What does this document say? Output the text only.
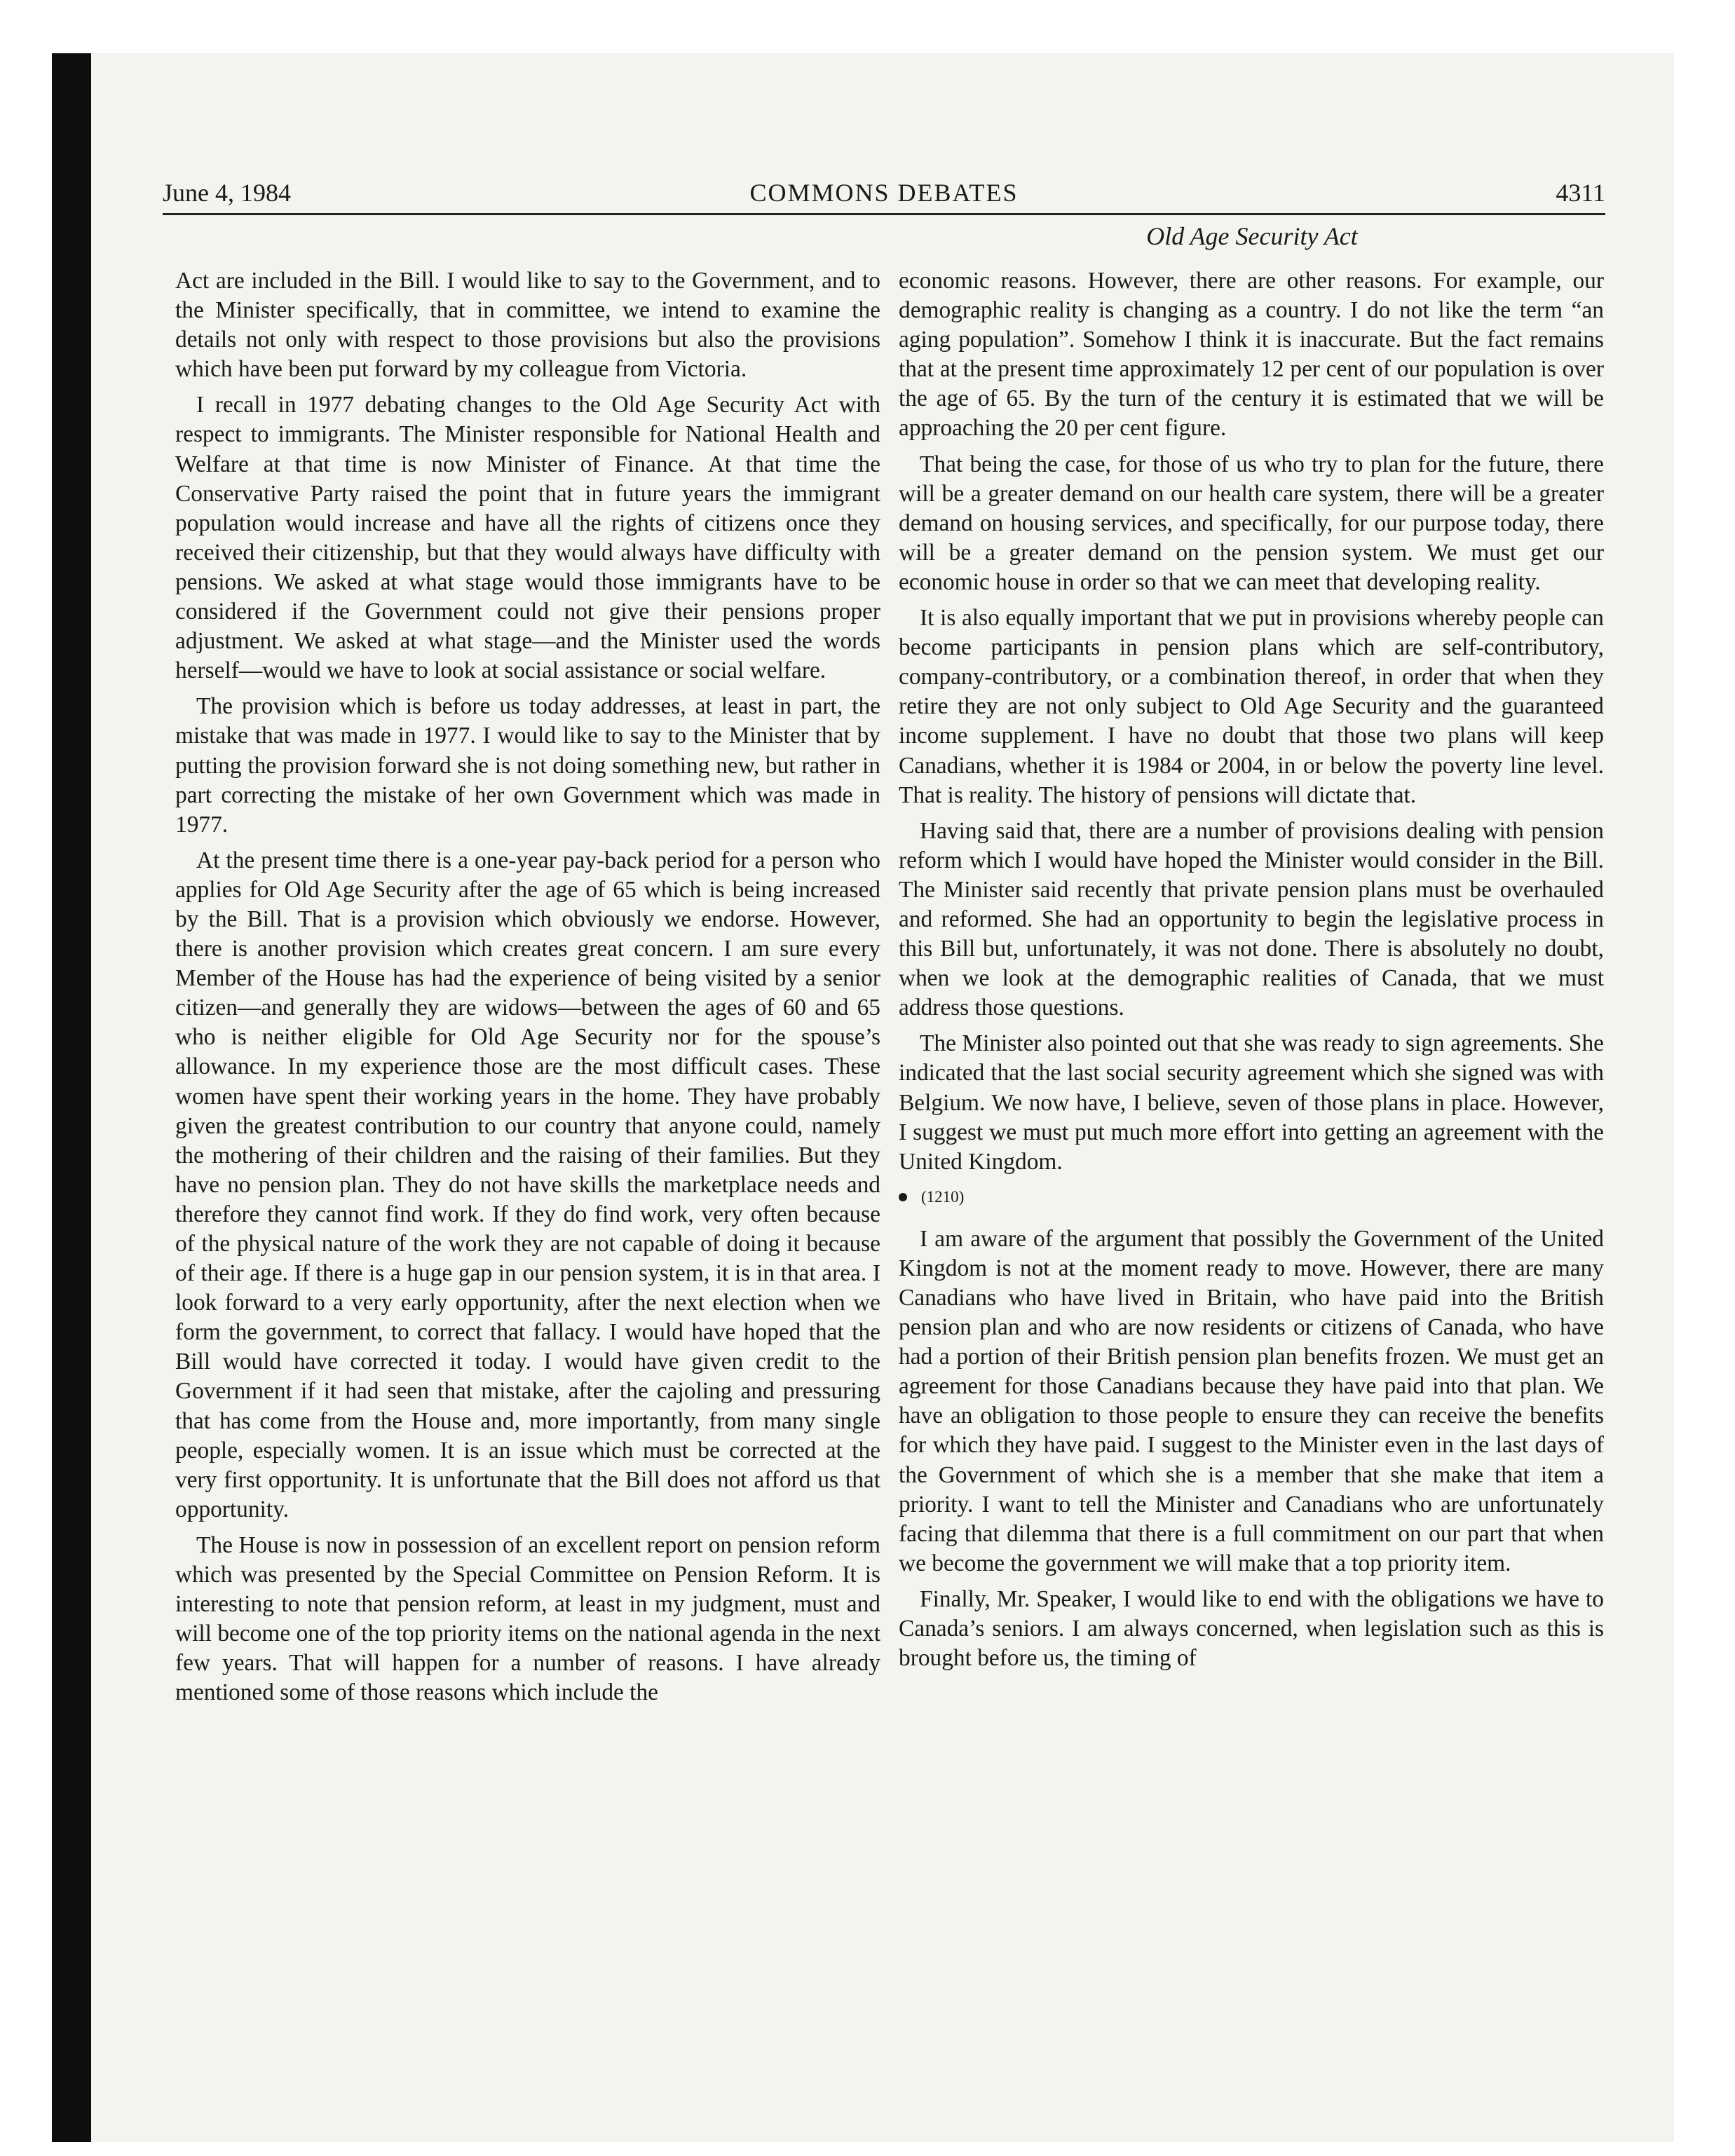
June 4, 1984	COMMONS DEBATES	4311
Old Age Security Act

Act are included in the Bill. I would like to say to the Government, and to the Minister specifically, that in committee, we intend to examine the details not only with respect to those provisions but also the provisions which have been put forward by my colleague from Victoria.

I recall in 1977 debating changes to the Old Age Security Act with respect to immigrants. The Minister responsible for National Health and Welfare at that time is now Minister of Finance. At that time the Conservative Party raised the point that in future years the immigrant population would increase and have all the rights of citizens once they received their citizenship, but that they would always have difficulty with pensions. We asked at what stage would those immigrants have to be considered if the Government could not give their pensions proper adjustment. We asked at what stage—and the Minister used the words herself—would we have to look at social assistance or social welfare.

The provision which is before us today addresses, at least in part, the mistake that was made in 1977. I would like to say to the Minister that by putting the provision forward she is not doing something new, but rather in part correcting the mistake of her own Government which was made in 1977.

At the present time there is a one-year pay-back period for a person who applies for Old Age Security after the age of 65 which is being increased by the Bill. That is a provision which obviously we endorse. However, there is another provision which creates great concern. I am sure every Member of the House has had the experience of being visited by a senior citizen—and generally they are widows—between the ages of 60 and 65 who is neither eligible for Old Age Security nor for the spouse’s allowance. In my experience those are the most difficult cases. These women have spent their working years in the home. They have probably given the greatest contribution to our country that anyone could, namely the mothering of their children and the raising of their families. But they have no pension plan. They do not have skills the marketplace needs and therefore they cannot find work. If they do find work, very often because of the physical nature of the work they are not capable of doing it because of their age. If there is a huge gap in our pension system, it is in that area. I look forward to a very early opportunity, after the next election when we form the government, to correct that fallacy. I would have hoped that the Bill would have corrected it today. I would have given credit to the Government if it had seen that mistake, after the cajoling and pressuring that has come from the House and, more importantly, from many single people, especially women. It is an issue which must be corrected at the very first opportunity. It is unfortunate that the Bill does not afford us that opportunity.

The House is now in possession of an excellent report on pension reform which was presented by the Special Committee on Pension Reform. It is interesting to note that pension reform, at least in my judgment, must and will become one of the top priority items on the national agenda in the next few years. That will happen for a number of reasons. I have already mentioned some of those reasons which include the

economic reasons. However, there are other reasons. For example, our demographic reality is changing as a country. I do not like the term “an aging population”. Somehow I think it is inaccurate. But the fact remains that at the present time approximately 12 per cent of our population is over the age of 65. By the turn of the century it is estimated that we will be approaching the 20 per cent figure.

That being the case, for those of us who try to plan for the future, there will be a greater demand on our health care system, there will be a greater demand on housing services, and specifically, for our purpose today, there will be a greater demand on the pension system. We must get our economic house in order so that we can meet that developing reality.

It is also equally important that we put in provisions whereby people can become participants in pension plans which are self-contributory, company-contributory, or a combination thereof, in order that when they retire they are not only subject to Old Age Security and the guaranteed income supplement. I have no doubt that those two plans will keep Canadians, whether it is 1984 or 2004, in or below the poverty line level. That is reality. The history of pensions will dictate that.

Having said that, there are a number of provisions dealing with pension reform which I would have hoped the Minister would consider in the Bill. The Minister said recently that private pension plans must be overhauled and reformed. She had an opportunity to begin the legislative process in this Bill but, unfortunately, it was not done. There is absolutely no doubt, when we look at the demographic realities of Canada, that we must address those questions.

The Minister also pointed out that she was ready to sign agreements. She indicated that the last social security agreement which she signed was with Belgium. We now have, I believe, seven of those plans in place. However, I suggest we must put much more effort into getting an agreement with the United Kingdom.

(1210)

I am aware of the argument that possibly the Government of the United Kingdom is not at the moment ready to move. However, there are many Canadians who have lived in Britain, who have paid into the British pension plan and who are now residents or citizens of Canada, who have had a portion of their British pension plan benefits frozen. We must get an agreement for those Canadians because they have paid into that plan. We have an obligation to those people to ensure they can receive the benefits for which they have paid. I suggest to the Minister even in the last days of the Government of which she is a member that she make that item a priority. I want to tell the Minister and Canadians who are unfortunately facing that dilemma that there is a full commitment on our part that when we become the government we will make that a top priority item.

Finally, Mr. Speaker, I would like to end with the obligations we have to Canada’s seniors. I am always concerned, when legislation such as this is brought before us, the timing of
